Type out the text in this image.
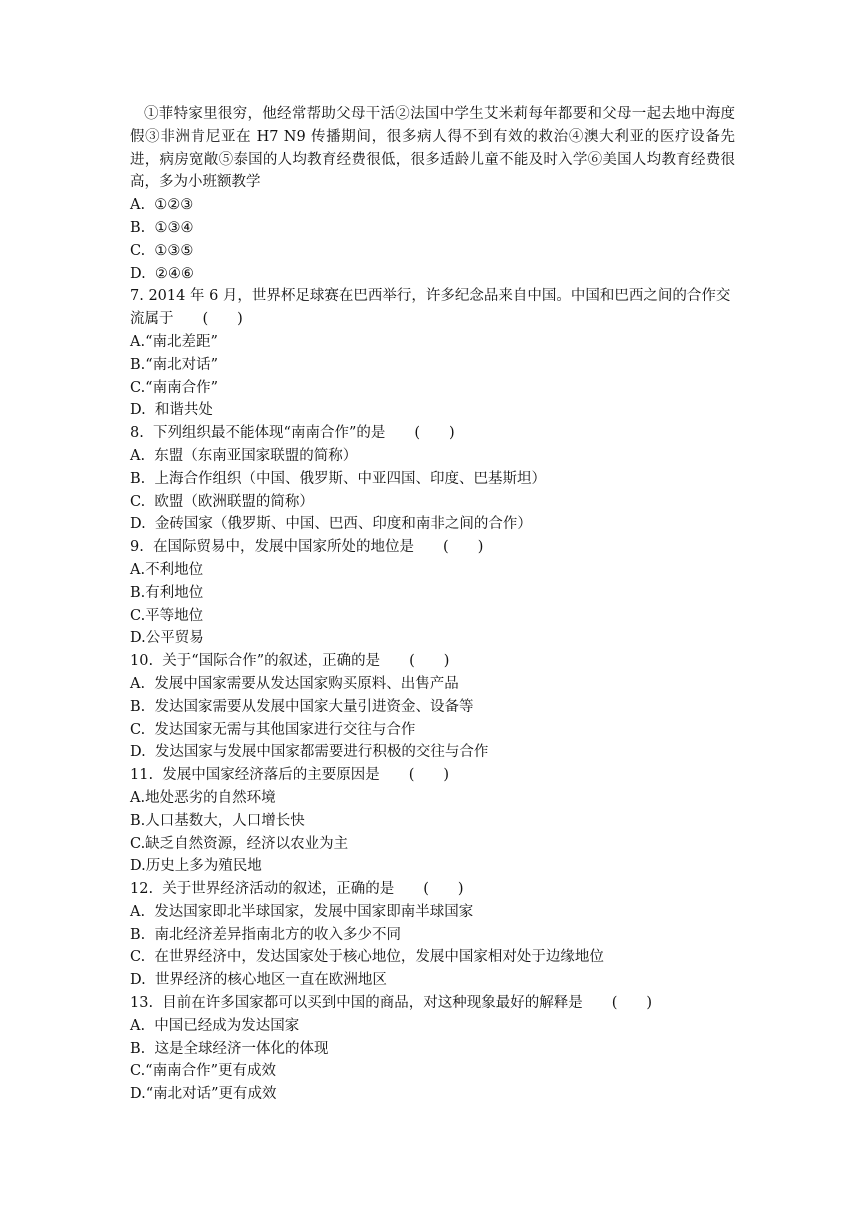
①菲特家里很穷，他经常帮助父母干活②法国中学生艾米莉每年都要和父母一起去地中海度假③非洲肯尼亚在 H7 N9 传播期间，很多病人得不到有效的救治④澳大利亚的医疗设备先进，病房宽敞⑤泰国的人均教育经费很低，很多适龄儿童不能及时入学⑥美国人均教育经费很高，多为小班额教学

A.  ①②③
B.  ①③④
C.  ①③⑤
D.  ②④⑥

7. 2014 年 6 月，世界杯足球赛在巴西举行，许多纪念品来自中国。中国和巴西之间的合作交流属于　　(　　)

A.“南北差距”
B.“南北对话”
C.“南南合作”
D.  和谐共处

8.  下列组织最不能体现“南南合作”的是　　(　　)

A.  东盟（东南亚国家联盟的简称）
B.  上海合作组织（中国、俄罗斯、中亚四国、印度、巴基斯坦）
C.  欧盟（欧洲联盟的简称）
D.  金砖国家（俄罗斯、中国、巴西、印度和南非之间的合作）

9.  在国际贸易中，发展中国家所处的地位是　　(　　)

A.不利地位
B.有利地位
C.平等地位
D.公平贸易

10.  关于“国际合作”的叙述，正确的是　　(　　)

A.  发展中国家需要从发达国家购买原料、出售产品
B.  发达国家需要从发展中国家大量引进资金、设备等
C.  发达国家无需与其他国家进行交往与合作
D.  发达国家与发展中国家都需要进行积极的交往与合作

11.  发展中国家经济落后的主要原因是　　(　　)

A.地处恶劣的自然环境
B.人口基数大，人口增长快
C.缺乏自然资源，经济以农业为主
D.历史上多为殖民地

12.  关于世界经济活动的叙述，正确的是　　(　　)

A.  发达国家即北半球国家，发展中国家即南半球国家
B.  南北经济差异指南北方的收入多少不同
C.  在世界经济中，发达国家处于核心地位，发展中国家相对处于边缘地位
D.  世界经济的核心地区一直在欧洲地区

13.  目前在许多国家都可以买到中国的商品，对这种现象最好的解释是　　(　　)

A.  中国已经成为发达国家
B.  这是全球经济一体化的体现
C.“南南合作”更有成效
D.“南北对话”更有成效
